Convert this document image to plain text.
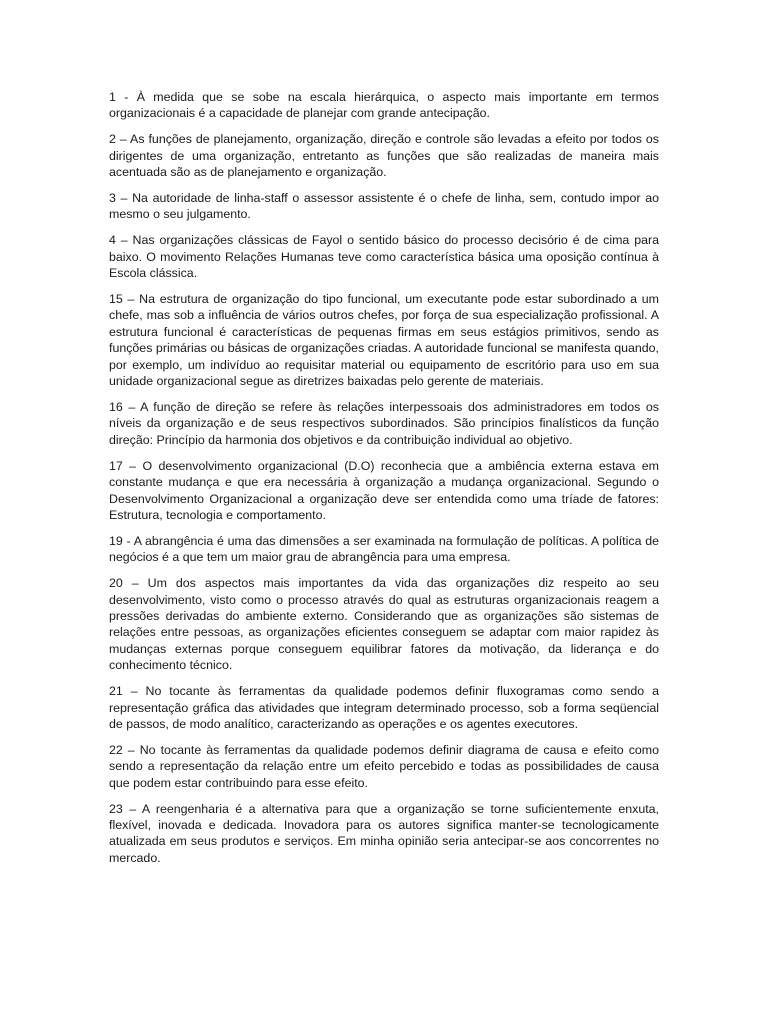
1 - À medida que se sobe na escala hierárquica, o aspecto mais importante em termos organizacionais é a capacidade de planejar com grande antecipação.

2 – As funções de planejamento, organização, direção e controle são levadas a efeito por todos os dirigentes de uma organização, entretanto as funções que são realizadas de maneira mais acentuada são as de planejamento e organização.

3 – Na autoridade de linha-staff o assessor assistente é o chefe de linha, sem, contudo impor ao mesmo o seu julgamento.

4 – Nas organizações clássicas de Fayol o sentido básico do processo decisório é de cima para baixo. O movimento Relações Humanas teve como característica básica uma oposição contínua à Escola clássica.

15 – Na estrutura de organização do tipo funcional, um executante pode estar subordinado a um chefe, mas sob a influência de vários outros chefes, por força de sua especialização profissional. A estrutura funcional é características de pequenas firmas em seus estágios primitivos, sendo as funções primárias ou básicas de organizações criadas. A autoridade funcional se manifesta quando, por exemplo, um indivíduo ao requisitar material ou equipamento de escritório para uso em sua unidade organizacional segue as diretrizes baixadas pelo gerente de materiais.

16 – A função de direção se refere às relações interpessoais dos administradores em todos os níveis da organização e de seus respectivos subordinados. São princípios finalísticos da função direção: Princípio da harmonia dos objetivos e da contribuição individual ao objetivo.

17 – O desenvolvimento organizacional (D.O) reconhecia que a ambiência externa estava em constante mudança e que era necessária à organização a mudança organizacional. Segundo o Desenvolvimento Organizacional a organização deve ser entendida como uma tríade de fatores: Estrutura, tecnologia e comportamento.

19 - A abrangência é uma das dimensões a ser examinada na formulação de políticas. A política de negócios é a que tem um maior grau de abrangência para uma empresa.

20 – Um dos aspectos mais importantes da vida das organizações diz respeito ao seu desenvolvimento, visto como o processo através do qual as estruturas organizacionais reagem a pressões derivadas do ambiente externo. Considerando que as organizações são sistemas de relações entre pessoas, as organizações eficientes conseguem se adaptar com maior rapidez às mudanças externas porque conseguem equilibrar fatores da motivação, da liderança e do conhecimento técnico.

21 – No tocante às ferramentas da qualidade podemos definir fluxogramas como sendo a representação gráfica das atividades que integram determinado processo, sob a forma seqüencial de passos, de modo analítico, caracterizando as operações e os agentes executores.

22 – No tocante às ferramentas da qualidade podemos definir diagrama de causa e efeito como sendo a representação da relação entre um efeito percebido e todas as possibilidades de causa que podem estar contribuindo para esse efeito.

23 – A reengenharia é a alternativa para que a organização se torne suficientemente enxuta, flexível, inovada e dedicada. Inovadora para os autores significa manter-se tecnologicamente atualizada em seus produtos e serviços. Em minha opinião seria antecipar-se aos concorrentes no mercado.
